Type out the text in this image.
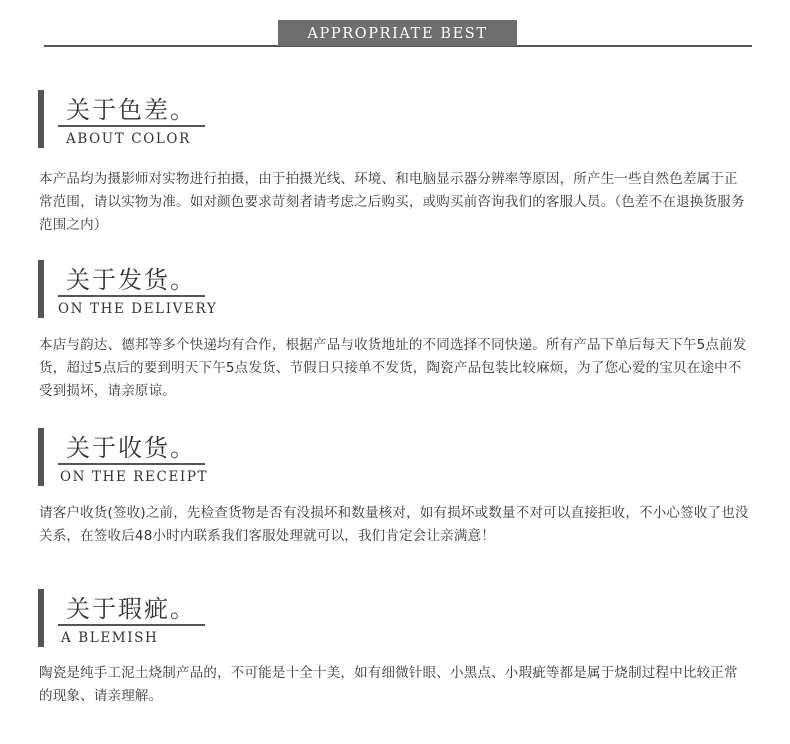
APPROPRIATE BEST
关于色差。
ABOUT COLOR
本产品均为摄影师对实物进行拍摄，由于拍摄光线、环境、和电脑显示器分辨率等原因，所产生一些自然色差属于正常范围，请以实物为准。如对颜色要求苛刻者请考虑之后购买，或购买前咨询我们的客服人员。（色差不在退换货服务范围之内）
关于发货。
ON THE DELIVERY
本店与韵达、德邦等多个快递均有合作，根据产品与收货地址的不同选择不同快递。所有产品下单后每天下午5点前发货，超过5点后的要到明天下午5点发货、节假日只接单不发货，陶瓷产品包装比较麻烦，为了您心爱的宝贝在途中不受到损坏，请亲原谅。
关于收货。
ON THE RECEIPT
请客户收货(签收)之前，先检查货物是否有没损坏和数量核对，如有损坏或数量不对可以直接拒收，不小心签收了也没关系，在签收后48小时内联系我们客服处理就可以，我们肯定会让亲满意！
关于瑕疵。
A BLEMISH
陶瓷是纯手工泥土烧制产品的，不可能是十全十美，如有细微针眼、小黑点、小瑕疵等都是属于烧制过程中比较正常的现象、请亲理解。
